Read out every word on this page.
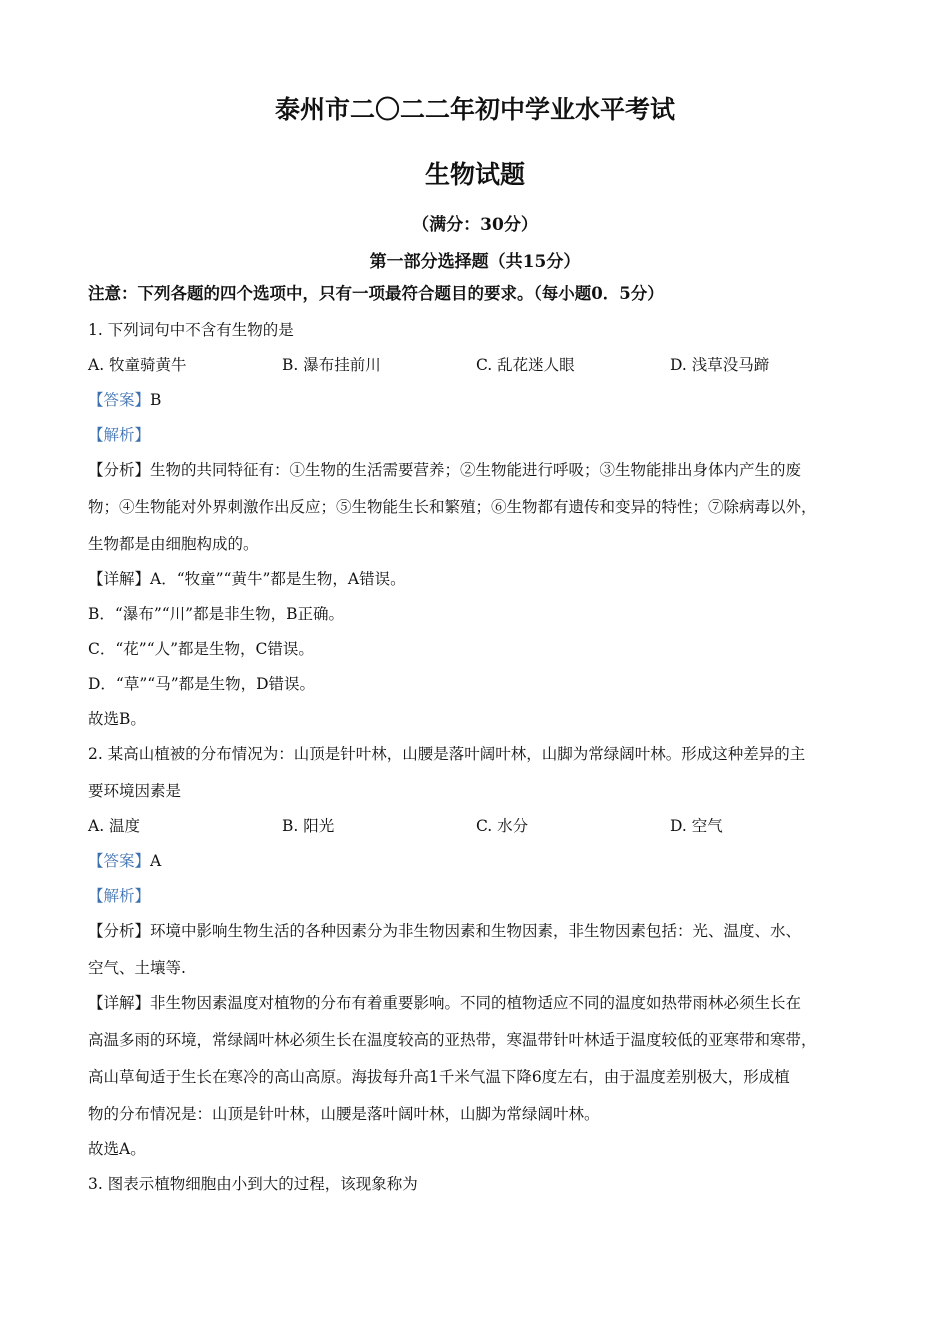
泰州市二〇二二年初中学业水平考试
生物试题
（满分：30分）
第一部分选择题（共15分）
注意：下列各题的四个选项中，只有一项最符合题目的要求。（每小题0．5分）
1. 下列词句中不含有生物的是
A. 牧童骑黄牛	B. 瀑布挂前川	C. 乱花迷人眼	D. 浅草没马蹄
【答案】B
【解析】
【分析】生物的共同特征有：①生物的生活需要营养；②生物能进行呼吸；③生物能排出身体内产生的废
物；④生物能对外界刺激作出反应；⑤生物能生长和繁殖；⑥生物都有遗传和变异的特性；⑦除病毒以外，
生物都是由细胞构成的。
【详解】A．“牧童”“黄牛”都是生物，A错误。
B．“瀑布”“川”都是非生物，B正确。
C．“花”“人”都是生物，C错误。
D．“草”“马”都是生物，D错误。
故选B。
2. 某高山植被的分布情况为：山顶是针叶林，山腰是落叶阔叶林，山脚为常绿阔叶林。形成这种差异的主
要环境因素是
A. 温度	B. 阳光	C. 水分	D. 空气
【答案】A
【解析】
【分析】环境中影响生物生活的各种因素分为非生物因素和生物因素，非生物因素包括：光、温度、水、
空气、土壤等.
【详解】非生物因素温度对植物的分布有着重要影响。不同的植物适应不同的温度如热带雨林必须生长在
高温多雨的环境，常绿阔叶林必须生长在温度较高的亚热带，寒温带针叶林适于温度较低的亚寒带和寒带，
高山草甸适于生长在寒冷的高山高原。海拔每升高1千米气温下降6度左右，由于温度差别极大，形成植
物的分布情况是：山顶是针叶林，山腰是落叶阔叶林，山脚为常绿阔叶林。
故选A。
3. 图表示植物细胞由小到大的过程，该现象称为
